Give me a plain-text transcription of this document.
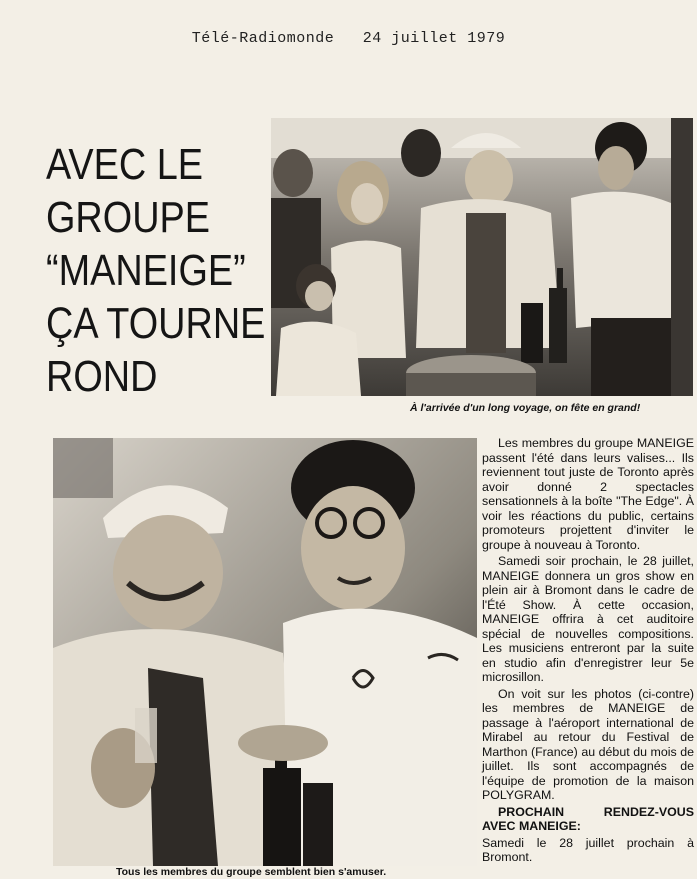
Télé-Radiomonde 24 juillet 1979
AVEC LE
GROUPE
“MANEIGE”
ÇA TOURNE
ROND
À l'arrivée d'un long voyage, on fête en grand!
Tous les membres du groupe semblent bien s'amuser.

Les membres du groupe MANEIGE passent l'été dans leurs valises... Ils reviennent tout juste de Toronto après avoir donné 2 spectacles sensationnels à la boîte "The Edge". À voir les réactions du public, certains promoteurs projettent d'inviter le groupe à nouveau à Toronto.

Samedi soir prochain, le 28 juillet, MANEIGE donnera un gros show en plein air à Bromont dans le cadre de l'Été Show. À cette occasion, MANEIGE offrira à cet auditoire spécial de nouvelles compositions. Les musiciens entreront par la suite en studio afin d'enregistrer leur 5e microsillon.

On voit sur les photos (ci-contre) les membres de MANEIGE de passage à l'aéroport international de Mirabel au retour du Festival de Marthon (France) au début du mois de juillet. Ils sont accompagnés de l'équipe de promotion de la maison POLYGRAM.

PROCHAIN RENDEZ-VOUS AVEC MANEIGE:

Samedi le 28 juillet prochain à Bromont.
